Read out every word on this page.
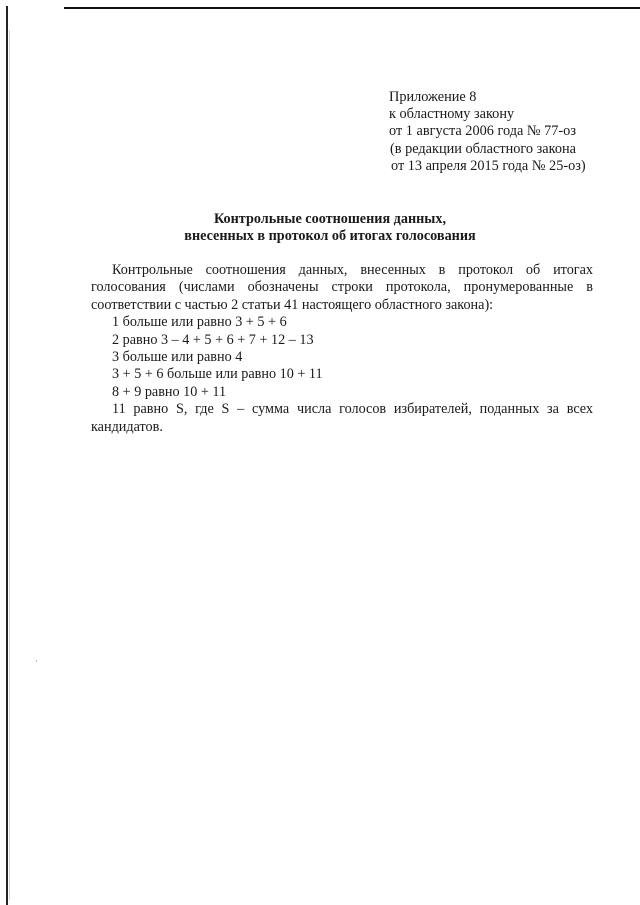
Приложение 8
к областному закону
от 1 августа 2006 года № 77-оз
(в редакции областного закона
от 13 апреля 2015 года № 25-оз)
Контрольные соотношения данных,
внесенных в протокол об итогах голосования

Контрольные соотношения данных, внесенных в протокол об итогах голосования (числами обозначены строки протокола, пронумерованные в соответствии с частью 2 статьи 41 настоящего областного закона):

1 больше или равно 3 + 5 + 6

2 равно 3 – 4 + 5 + 6 + 7 + 12 – 13

3 больше или равно 4

3 + 5 + 6 больше или равно 10 + 11

8 + 9 равно 10 + 11

11 равно S, где S – сумма числа голосов избирателей, поданных за всех кандидатов.
